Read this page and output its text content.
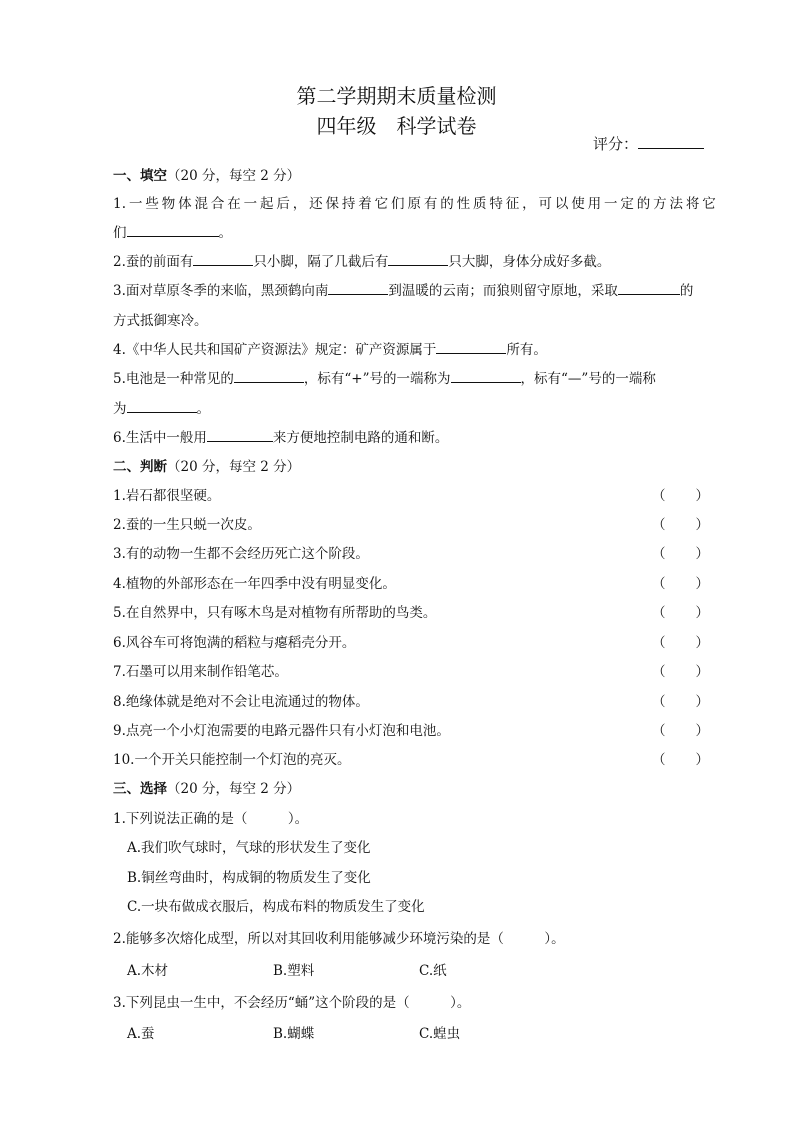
第二学期期末质量检测
四年级　科学试卷
评分：
一、填空（20 分，每空 2 分）
1.一些物体混合在一起后，还保持着它们原有的性质特征，可以使用一定的方法将它
们	。
2.蚕的前面有	只小脚，隔了几截后有	只大脚，身体分成好多截。
3.面对草原冬季的来临，黑颈鹤向南	到温暖的云南；而狼则留守原地，采取	的
方式抵御寒冷。
4.《中华人民共和国矿产资源法》规定：矿产资源属于	所有。
5.电池是一种常见的	，标有“+”号的一端称为	，标有“—”号的一端称
为	。
6.生活中一般用	来方便地控制电路的通和断。
二、判断（20 分，每空 2 分）
1.岩石都很坚硬。	（ ）
2.蚕的一生只蜕一次皮。	（ ）
3.有的动物一生都不会经历死亡这个阶段。	（ ）
4.植物的外部形态在一年四季中没有明显变化。	（ ）
5.在自然界中，只有啄木鸟是对植物有所帮助的鸟类。	（ ）
6.风谷车可将饱满的稻粒与瘪稻壳分开。	（ ）
7.石墨可以用来制作铅笔芯。	（ ）
8.绝缘体就是绝对不会让电流通过的物体。	（ ）
9.点亮一个小灯泡需要的电路元器件只有小灯泡和电池。	（ ）
10.一个开关只能控制一个灯泡的亮灭。	（ ）
三、选择（20 分，每空 2 分）
1.下列说法正确的是（　　　）。
A.我们吹气球时，气球的形状发生了变化
B.铜丝弯曲时，构成铜的物质发生了变化
C.一块布做成衣服后，构成布料的物质发生了变化
2.能够多次熔化成型，所以对其回收利用能够减少环境污染的是（　　　）。
A.木材	B.塑料	C.纸
3.下列昆虫一生中，不会经历“蛹”这个阶段的是（　　　）。
A.蚕	B.蝴蝶	C.蝗虫
